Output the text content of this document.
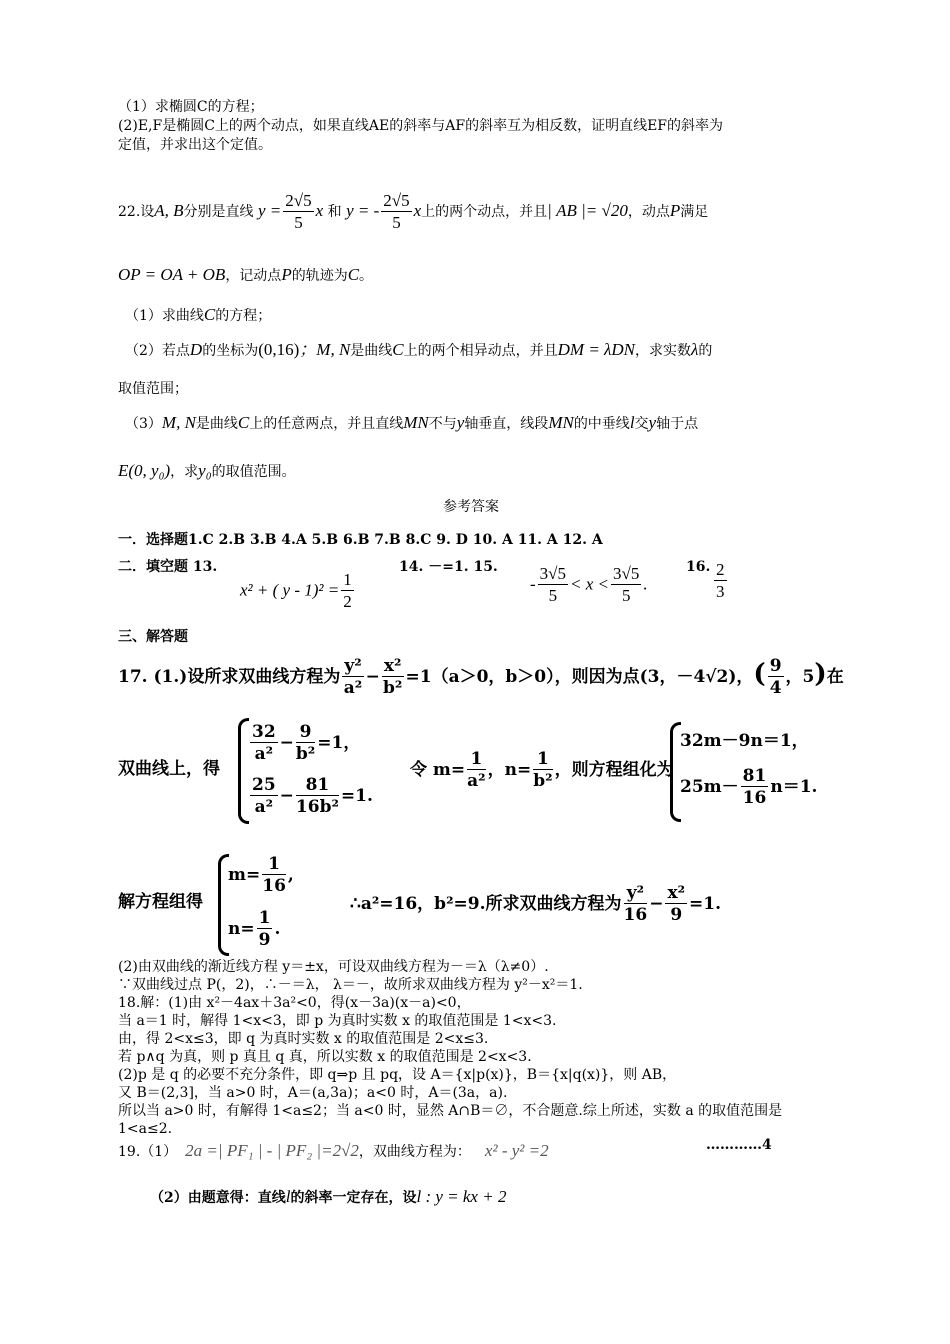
（1）求椭圆C的方程；
(2)E,F是椭圆C上的两个动点，如果直线AE的斜率与AF的斜率互为相反数，证明直线EF的斜率为
定值，并求出这个定值。
22.设A, B分别是直线 $y = \frac{2√5}{5}$ x 和 y = - $\frac{2√5}{5}$ x上的两个动点，并且| AB |= √20，动点P满足
OP = OA + OB，记动点P的轨迹为C。
（1）求曲线C的方程；
（2）若点D的坐标为(0,16)；M, N是曲线C上的两个相异动点，并且DM = λDN，求实数λ的
取值范围；
（3）M, N是曲线C上的任意两点，并且直线MN不与y轴垂直，线段MN的中垂线l交y轴于点
E(0, y₀)，求y₀的取值范围。
参考答案
一．选择题1.C 2.B 3.B 4.A 5.B 6.B 7.B 8.C 9. D 10. A 11. A 12. A
二．填空题 13.
x² + ( $y - 1)^2 = \frac{1}{2}$
14. －=1. 15.
- $\frac{3√5}{5} < x < \frac{3√5}{5}$ .
16. $\frac{2}{3}$
三、解答题
17. (1.)设所求双曲线方程为 $\frac{\text{y²}}{\text{a²}} - \frac{\text{x²}}{\text{b²}} =1(a>0$，b＞0），则因为点(3，－4√2)，( $\frac{9}{4}$ ，5)在
双曲线上，得
$\frac{32}{\text{a²}} - \frac{9}{\text{b²}} =1$，
$\frac{25}{\text{a²}} - \frac{81}{\text{16b²}} =1$.
令 $m= \frac{1}{\text{a²}}$ ，$n= \frac{1}{\text{b²}}$ ，则方程组化为
32m－9n＝1，
$25m- \frac{81}{16} n=1$.
解方程组得
$m= \frac{1}{16}$ ,
$n= \frac{1}{9}$ .
∴a²=16，b²=9.所求双曲线方程为 $\frac{\text{y²}}{16} - \frac{\text{x²}}{9} =1$.
(2)由双曲线的渐近线方程 y＝±x，可设双曲线方程为－＝λ（λ≠0）.
∵双曲线过点 P(，2)，∴－＝λ， λ＝－，故所求双曲线方程为 y²－x²＝1.
18.解：(1)由 x²－4ax＋3a²<0，得(x－3a)(x－a)<0，
当 a＝1 时，解得 1<x<3，即 p 为真时实数 x 的取值范围是 1<x<3.
由，得 2<x≤3，即 q 为真时实数 x 的取值范围是 2<x≤3.
若 p∧q 为真，则 p 真且 q 真，所以实数 x 的取值范围是 2<x<3.
(2)p 是 q 的必要不充分条件，即 q⇒p 且 pq，设 A＝{x|p(x)}，B＝{x|q(x)}，则 AB，
又 B＝(2,3]，当 a>0 时，A＝(a,3a)；a<0 时，A＝(3a，a).
所以当 a>0 时，有解得 1<a≤2；当 a<0 时，显然 A∩B＝∅，不合题意.综上所述，实数 a 的取值范围是
1<a≤2.
19.（1） 2a =| PF₁ | - | PF₂ |=2√2，双曲线方程为： x² - y² =2	…………4
（2）由题意得：直线l的斜率一定存在，设l : y = kx + 2
